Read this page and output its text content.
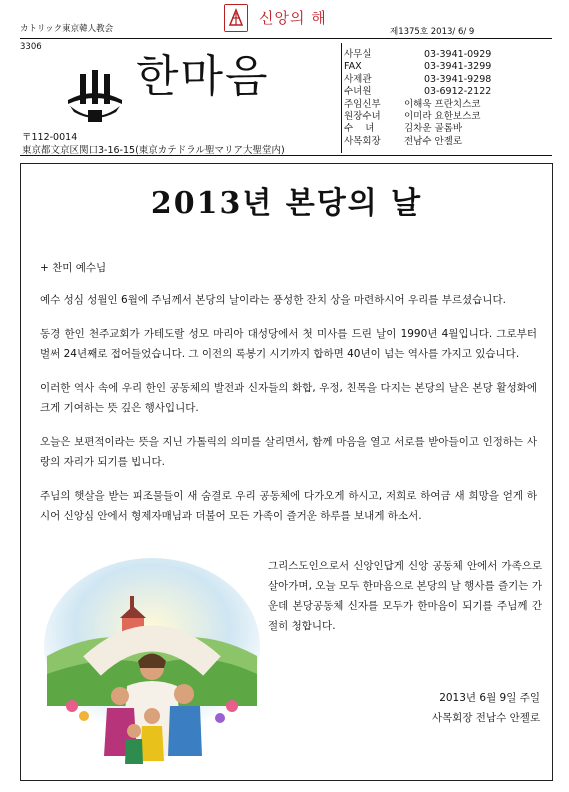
カトリック東京韓人教会
신앙의 해
제1375호 2013/ 6/ 9
3306
한마음	사무실	03-3941-0929
FAX	03-3941-3299
사제관	03-3941-9298
수녀원	03-6912-2122
주임신부	이해욱 프란치스코
원장수녀	이미라 요한보스코
수    녀	김차운 골롬바
사목회장	전남수 안젤로
〒112-0014
東京都文京区関口3-16-15(東京カテドラル聖マリア大聖堂内)
2013년 본당의 날
+ 찬미 예수님

예수 성심 성월인 6월에 주님께서 본당의 날이라는 풍성한 잔치 상을 마련하시어 우리를 부르셨습니다.

동경 한인 천주교회가 가테도랄 성모 마리아 대성당에서 첫 미사를 드린 날이 1990년 4월입니다. 그로부터 벌써 24년째로 접어들었습니다. 그 이전의 록봉기 시기까지 합하면 40년이 넘는 역사를 가지고 있습니다.

이러한 역사 속에 우리 한인 공동체의 발전과 신자들의 화합, 우정, 친목을 다지는 본당의 날은 본당 활성화에 크게 기여하는 뜻 깊은 행사입니다.

오늘은 보편적이라는 뜻을 지닌 가톨릭의 의미를 살리면서, 함께 마음을 열고 서로를 받아들이고 인정하는 사랑의 자리가 되기를 빕니다.

주님의 햇살을 받는 피조물들이 새 숨결로 우리 공동체에 다가오게 하시고, 저희로 하여금 새 희망을 얻게 하시어 신앙심 안에서 형제자매님과 더불어 모든 가족이 즐거운 하루를 보내게 하소서.

그리스도인으로서 신앙인답게 신앙 공동체 안에서 가족으로 살아가며, 오늘 모두 한마음으로 본당의 날 행사를 즐기는 가운데 본당공동체 신자를 모두가 한마음이 되기를 주님께 간절히 청합니다.
2013년 6월 9일 주일
사목회장 전남수 안젤로
